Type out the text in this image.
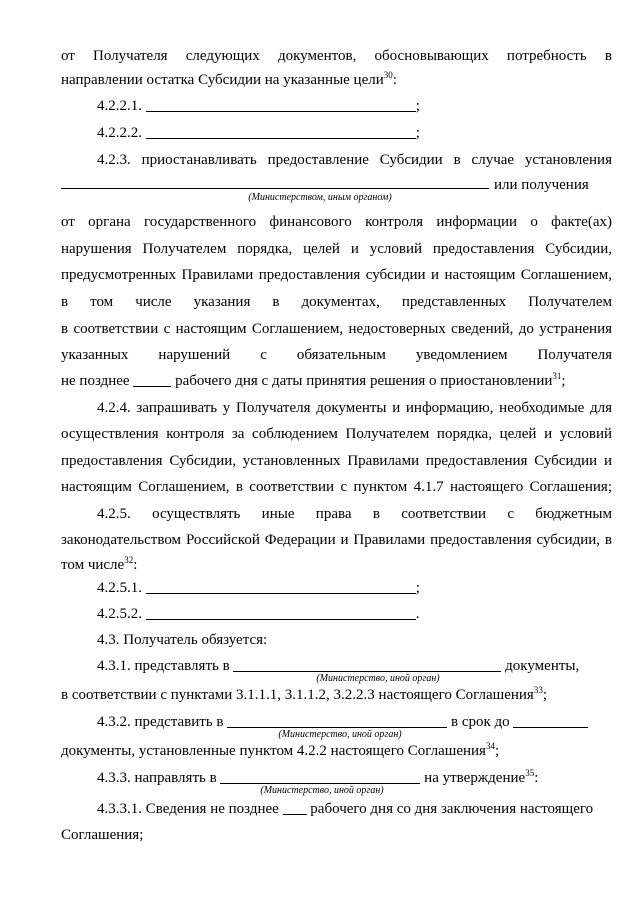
от Получателя следующих документов, обосновывающих потребность в
направлении остатка Субсидии на указанные цели$^{30}$:
4.2.2.1.	;
4.2.2.2.	;
4.2.3. приостанавливать предоставление Субсидии в случае установления
или получения
(Министерством, иным органом)
от органа государственного финансового контроля информации о факте(ах)
нарушения Получателем порядка, целей и условий предоставления Субсидии,
предусмотренных Правилами предоставления субсидии и настоящим Соглашением,
в том числе указания в документах, представленных Получателем
в соответствии с настоящим Соглашением, недостоверных сведений, до устранения
указанных нарушений с обязательным уведомлением Получателя
не позднее	рабочего дня с даты принятия решения о приостановлении$^{31}$;
4.2.4. запрашивать у Получателя документы и информацию, необходимые для
осуществления контроля за соблюдением Получателем порядка, целей и условий
предоставления Субсидии, установленных Правилами предоставления Субсидии и
настоящим Соглашением, в соответствии с пунктом 4.1.7 настоящего Соглашения;
4.2.5. осуществлять иные права в соответствии с бюджетным
законодательством Российской Федерации и Правилами предоставления субсидии, в
том числе$^{32}$:
4.2.5.1.	;
4.2.5.2.	.
4.3. Получатель обязуется:
4.3.1. представлять в	документы,
(Министерство, иной орган)
в соответствии с пунктами 3.1.1.1, 3.1.1.2, 3.2.2.3 настоящего Соглашения$^{33}$;
4.3.2. представить в	в срок до
(Министерство, иной орган)
документы, установленные пунктом 4.2.2 настоящего Соглашения$^{34}$;
4.3.3. направлять в	на утверждение$^{35}$:
(Министерство, иной орган)
4.3.3.1. Сведения не позднее рабочего дня со дня заключения настоящего
Соглашения;
